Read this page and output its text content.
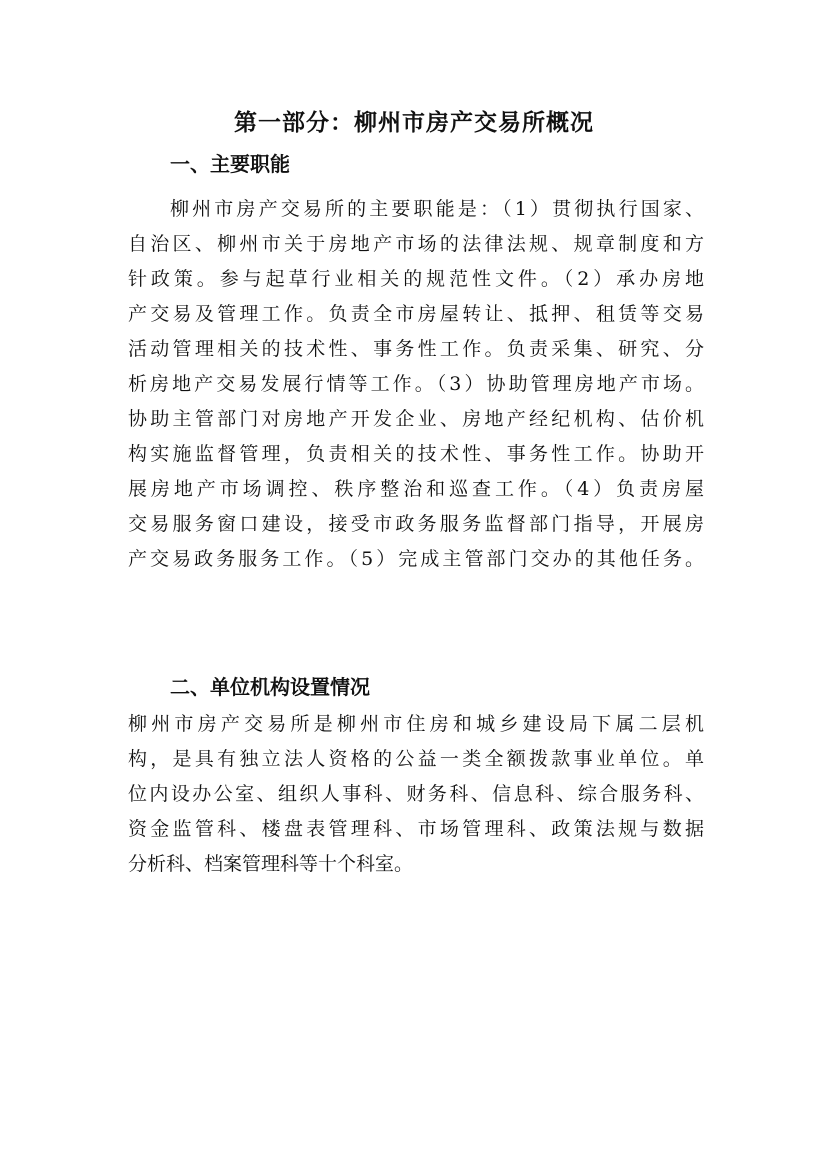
第一部分：柳州市房产交易所概况
一、主要职能
柳州市房产交易所的主要职能是：（1）贯彻执行国家、
自治区、柳州市关于房地产市场的法律法规、规章制度和方
针政策。参与起草行业相关的规范性文件。（2）承办房地
产交易及管理工作。负责全市房屋转让、抵押、租赁等交易
活动管理相关的技术性、事务性工作。负责采集、研究、分
析房地产交易发展行情等工作。（3）协助管理房地产市场。
协助主管部门对房地产开发企业、房地产经纪机构、估价机
构实施监督管理，负责相关的技术性、事务性工作。协助开
展房地产市场调控、秩序整治和巡查工作。（4）负责房屋
交易服务窗口建设，接受市政务服务监督部门指导，开展房
产交易政务服务工作。（5）完成主管部门交办的其他任务。
二、单位机构设置情况
柳州市房产交易所是柳州市住房和城乡建设局下属二层机
构，是具有独立法人资格的公益一类全额拨款事业单位。单
位内设办公室、组织人事科、财务科、信息科、综合服务科、
资金监管科、楼盘表管理科、市场管理科、政策法规与数据
分析科、档案管理科等十个科室。
